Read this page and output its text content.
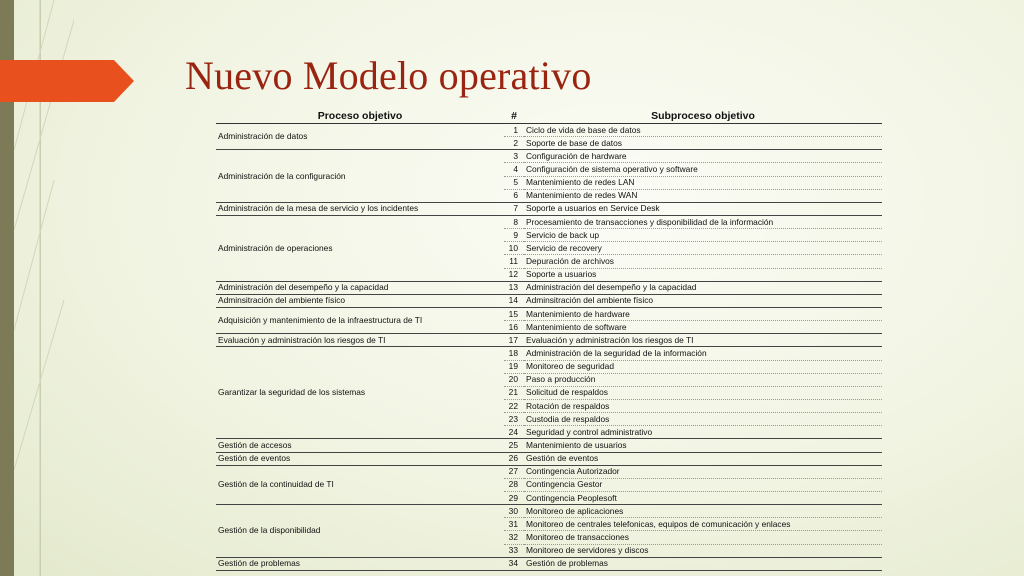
Nuevo Modelo operativo
Proceso objetivo	#	Subproceso objetivo
Administración de datos	1	Ciclo de vida de base de datos
	2	Soporte de base de datos
Administración de la configuración	3	Configuración de hardware
	4	Configuración de sistema operativo y software
	5	Mantenimiento de redes LAN
	6	Mantenimiento de redes WAN
Administración de la mesa de servicio y los incidentes	7	Soporte a usuarios en Service Desk
Administración de operaciones	8	Procesamiento de transacciones y disponibilidad de la información
	9	Servicio de back up
	10	Servicio de recovery
	11	Depuración de archivos
	12	Soporte a usuarios
Administración del desempeño y la capacidad	13	Administración del desempeño y la capacidad
Adminsitración del ambiente físico	14	Adminsitración del ambiente físico
Adquisición y mantenimiento de la infraestructura de TI	15	Mantenimiento de hardware
	16	Mantenimiento de software
Evaluación y administración los riesgos de TI	17	Evaluación y administración los riesgos de TI
Garantizar la seguridad de los sistemas	18	Administración de la seguridad de la información
	19	Monitoreo de seguridad
	20	Paso a producción
	21	Solicitud de respaldos
	22	Rotación de respaldos
	23	Custodia de respaldos
	24	Seguridad y control administrativo
Gestión de accesos	25	Mantenimiento de usuarios
Gestión de eventos	26	Gestión de eventos
Gestión de la continuidad de TI	27	Contingencia Autorizador
	28	Contingencia Gestor
	29	Contingencia Peoplesoft
Gestión de la disponibilidad	30	Monitoreo de aplicaciones
	31	Monitoreo de centrales telefonicas, equipos de comunicación y enlaces
	32	Monitoreo de transacciones
	33	Monitoreo de servidores y discos
Gestión de problemas	34	Gestión de problemas
